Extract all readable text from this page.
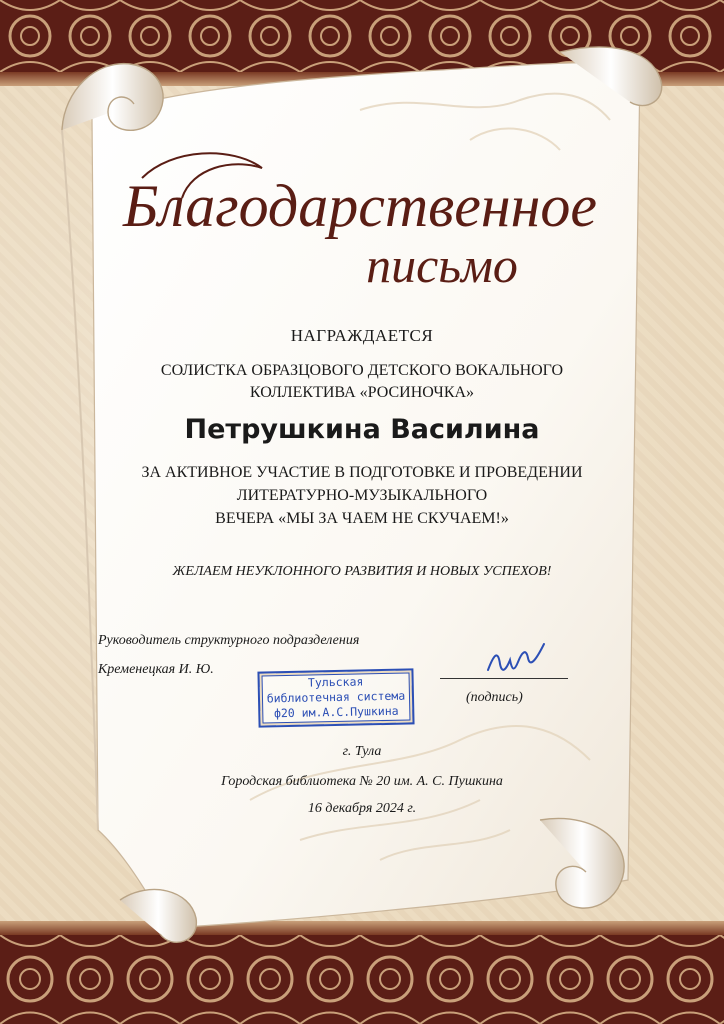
Благодарственное
письмо
НАГРАЖДАЕТСЯ
СОЛИСТКА ОБРАЗЦОВОГО ДЕТСКОГО ВОКАЛЬНОГО
КОЛЛЕКТИВА «РОСИНОЧКА»
Петрушкина Василина
ЗА АКТИВНОЕ УЧАСТИЕ В ПОДГОТОВКЕ И ПРОВЕДЕНИИ
ЛИТЕРАТУРНО-МУЗЫКАЛЬНОГО
ВЕЧЕРА «МЫ ЗА ЧАЕМ НЕ СКУЧАЕМ!»
ЖЕЛАЕМ НЕУКЛОННОГО РАЗВИТИЯ И НОВЫХ УСПЕХОВ!
Руководитель структурного подразделения
Кременецкая И. Ю.
Тульская
библиотечная система
ф20 им.А.С.Пушкина
(подпись)
г. Тула
Городская библиотека № 20 им. А. С. Пушкина
16 декабря 2024 г.
